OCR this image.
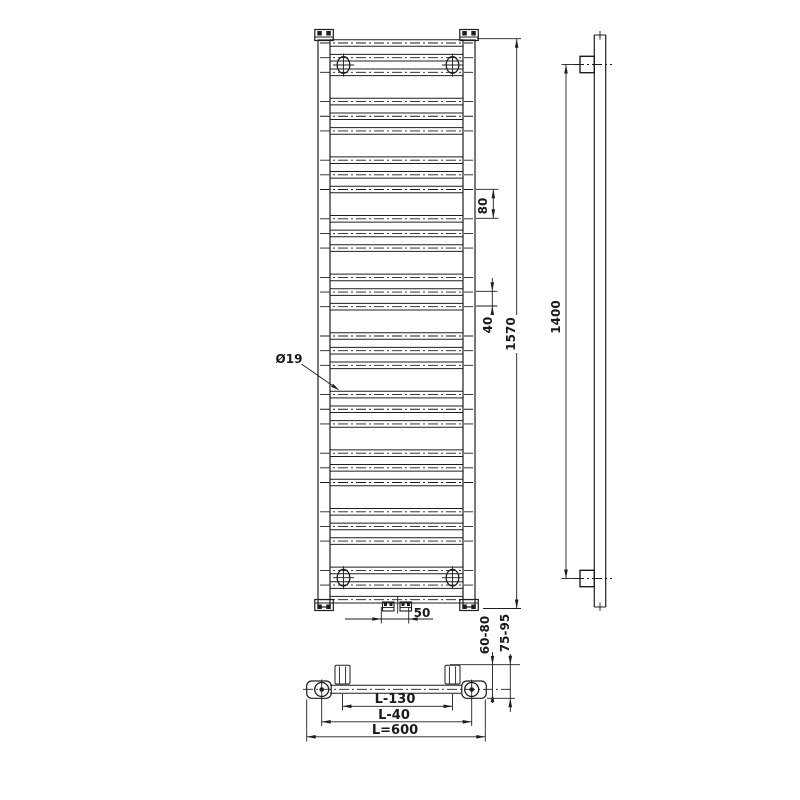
Ø19
80
40 1570
1400
50
60-80 75-95
L-130
L-40
L=600
